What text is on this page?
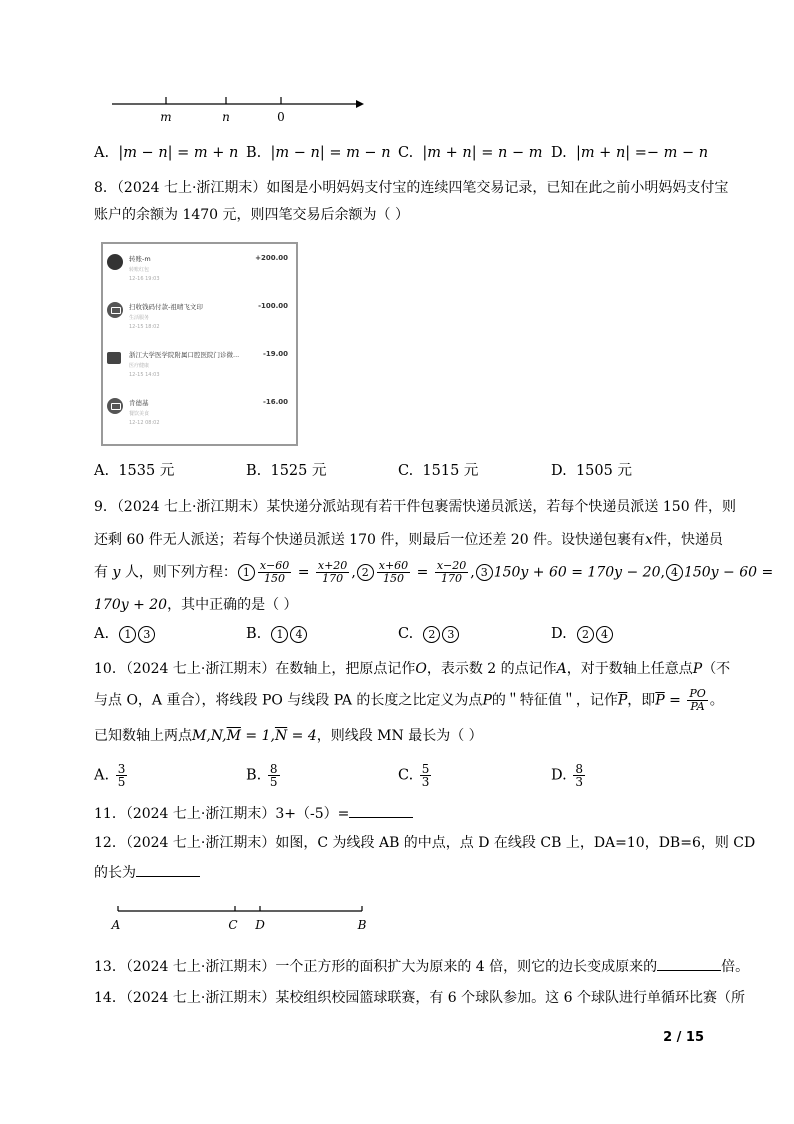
m	n	0
A. |m − n| = m + n B. |m − n| = m − n C. |m + n| = n − m D. |m + n| =− m − n
8．（2024 七上·浙江期末）如图是小明妈妈支付宝的连续四笔交易记录，已知在此之前小明妈妈支付宝
账户的余额为 1470 元，则四笔交易后余额为（ ）
转账-m	+200.00
转账红包
12-16 19:03
扫收钱码付款-祖晴飞文印	-100.00
生活服务
12-15 18:02
浙江大学医学院附属口腔医院门诊微...	-19.00
医疗健康
12-15 14:03
肯德基	-16.00
餐饮美食
12-12 08:02
A. 1535 元	B. 1525 元	C. 1515 元	D. 1505 元
9．（2024 七上·浙江期末）某快递分派站现有若干件包裹需快递员派送，若每个快递员派送 150 件，则
还剩 60 件无人派送；若每个快递员派送 170 件，则最后一位还差 20 件。设快递包裹有x件，快递员
有 y 人，则下列方程： $1 \frac{x-60}{150} = \frac{x+20}{170}$ , $2 \frac{x+60}{150} = \frac{x-20}{170}$ , 3 150y + 60 = 170y − 20, 4 150y − 60 =
170y + 20，其中正确的是（ ）
A. 1 3	B. 1 4	C. 2 3	D. 2 4
10．（2024 七上·浙江期末）在数轴上，把原点记作O，表示数 2 的点记作A，对于数轴上任意点P（不
与点 O，A 重合），将线段 PO 与线段 PA 的长度之比定义为点P的＂特征值＂，记作$\overline{P}$，即$\overline{P} = \frac{PO}{PA}$ 。
已知数轴上两点$M,N,\overline{M} = 1,\overline{N} = 4$，则线段 MN 最长为（ ）
A. $\frac{3}{5}$	B. $\frac{8}{5}$	C. $\frac{5}{3}$	D. $\frac{8}{3}$
11．（2024 七上·浙江期末）3+（-5）=
12．（2024 七上·浙江期末）如图，C 为线段 AB 的中点，点 D 在线段 CB 上，DA=10，DB=6，则 CD
的长为
A	C D	B
13．（2024 七上·浙江期末）一个正方形的面积扩大为原来的 4 倍，则它的边长变成原来的	倍。
14．（2024 七上·浙江期末）某校组织校园篮球联赛，有 6 个球队参加。这 6 个球队进行单循环比赛（所
2 / 15
